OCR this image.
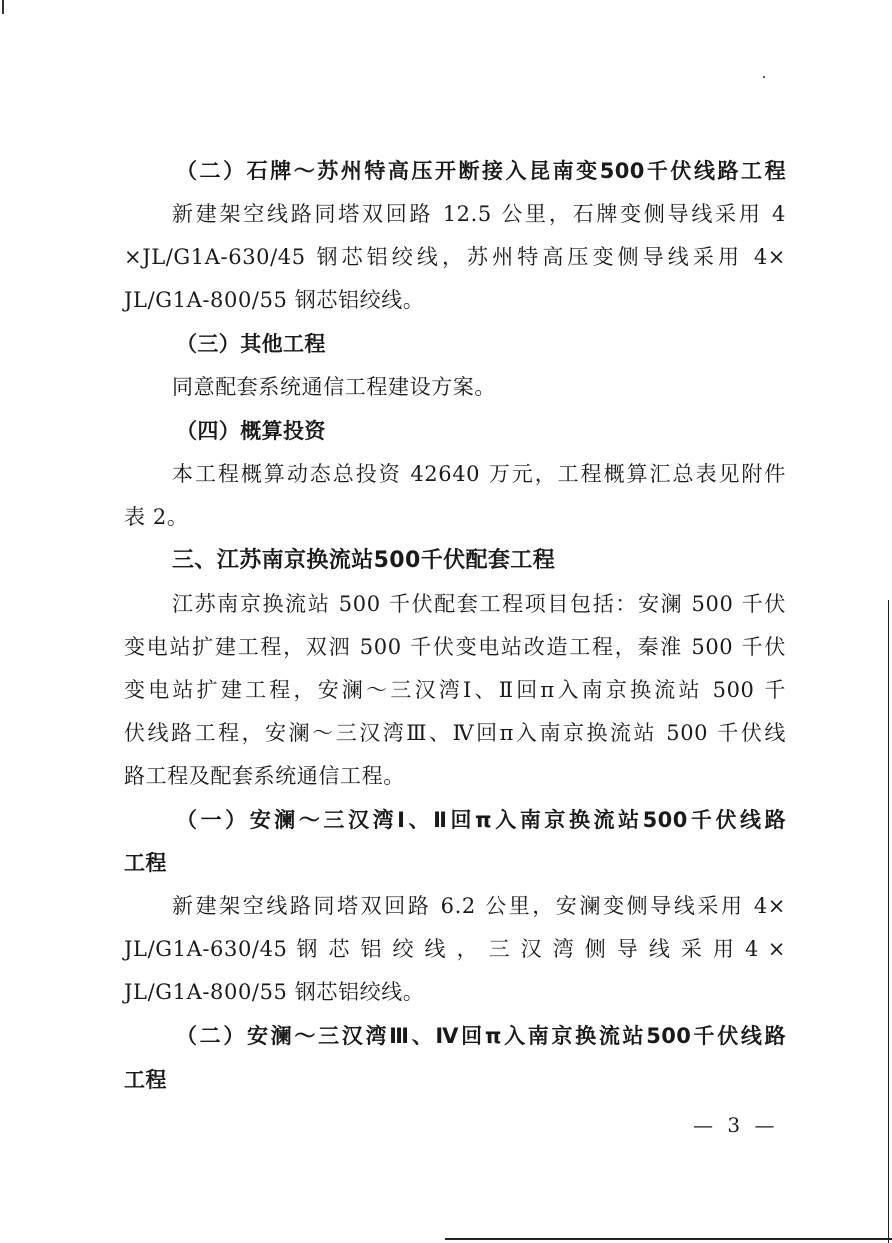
（二）石牌～苏州特高压开断接入昆南变500千伏线路工程
新建架空线路同塔双回路 12.5 公里，石牌变侧导线采用 4
×JL/G1A-630/45 钢芯铝绞线，苏州特高压变侧导线采用 4×
JL/G1A-800/55 钢芯铝绞线。
（三）其他工程
同意配套系统通信工程建设方案。
（四）概算投资
本工程概算动态总投资 42640 万元，工程概算汇总表见附件
表 2。
三、江苏南京换流站500千伏配套工程
江苏南京换流站 500 千伏配套工程项目包括：安澜 500 千伏
变电站扩建工程，双泗 500 千伏变电站改造工程，秦淮 500 千伏
变电站扩建工程，安澜～三汉湾Ⅰ、Ⅱ回π入南京换流站 500 千
伏线路工程，安澜～三汉湾Ⅲ、Ⅳ回π入南京换流站 500 千伏线
路工程及配套系统通信工程。
（一）安澜～三汉湾Ⅰ、Ⅱ回π入南京换流站500千伏线路
工程
新建架空线路同塔双回路 6.2 公里，安澜变侧导线采用 4×
JL/G1A-630/45 钢 芯 铝 绞 线 ， 三 汉 湾 侧 导 线 采 用 4 ×
JL/G1A-800/55 钢芯铝绞线。
（二）安澜～三汉湾Ⅲ、Ⅳ回π入南京换流站500千伏线路
工程
— 3 —
